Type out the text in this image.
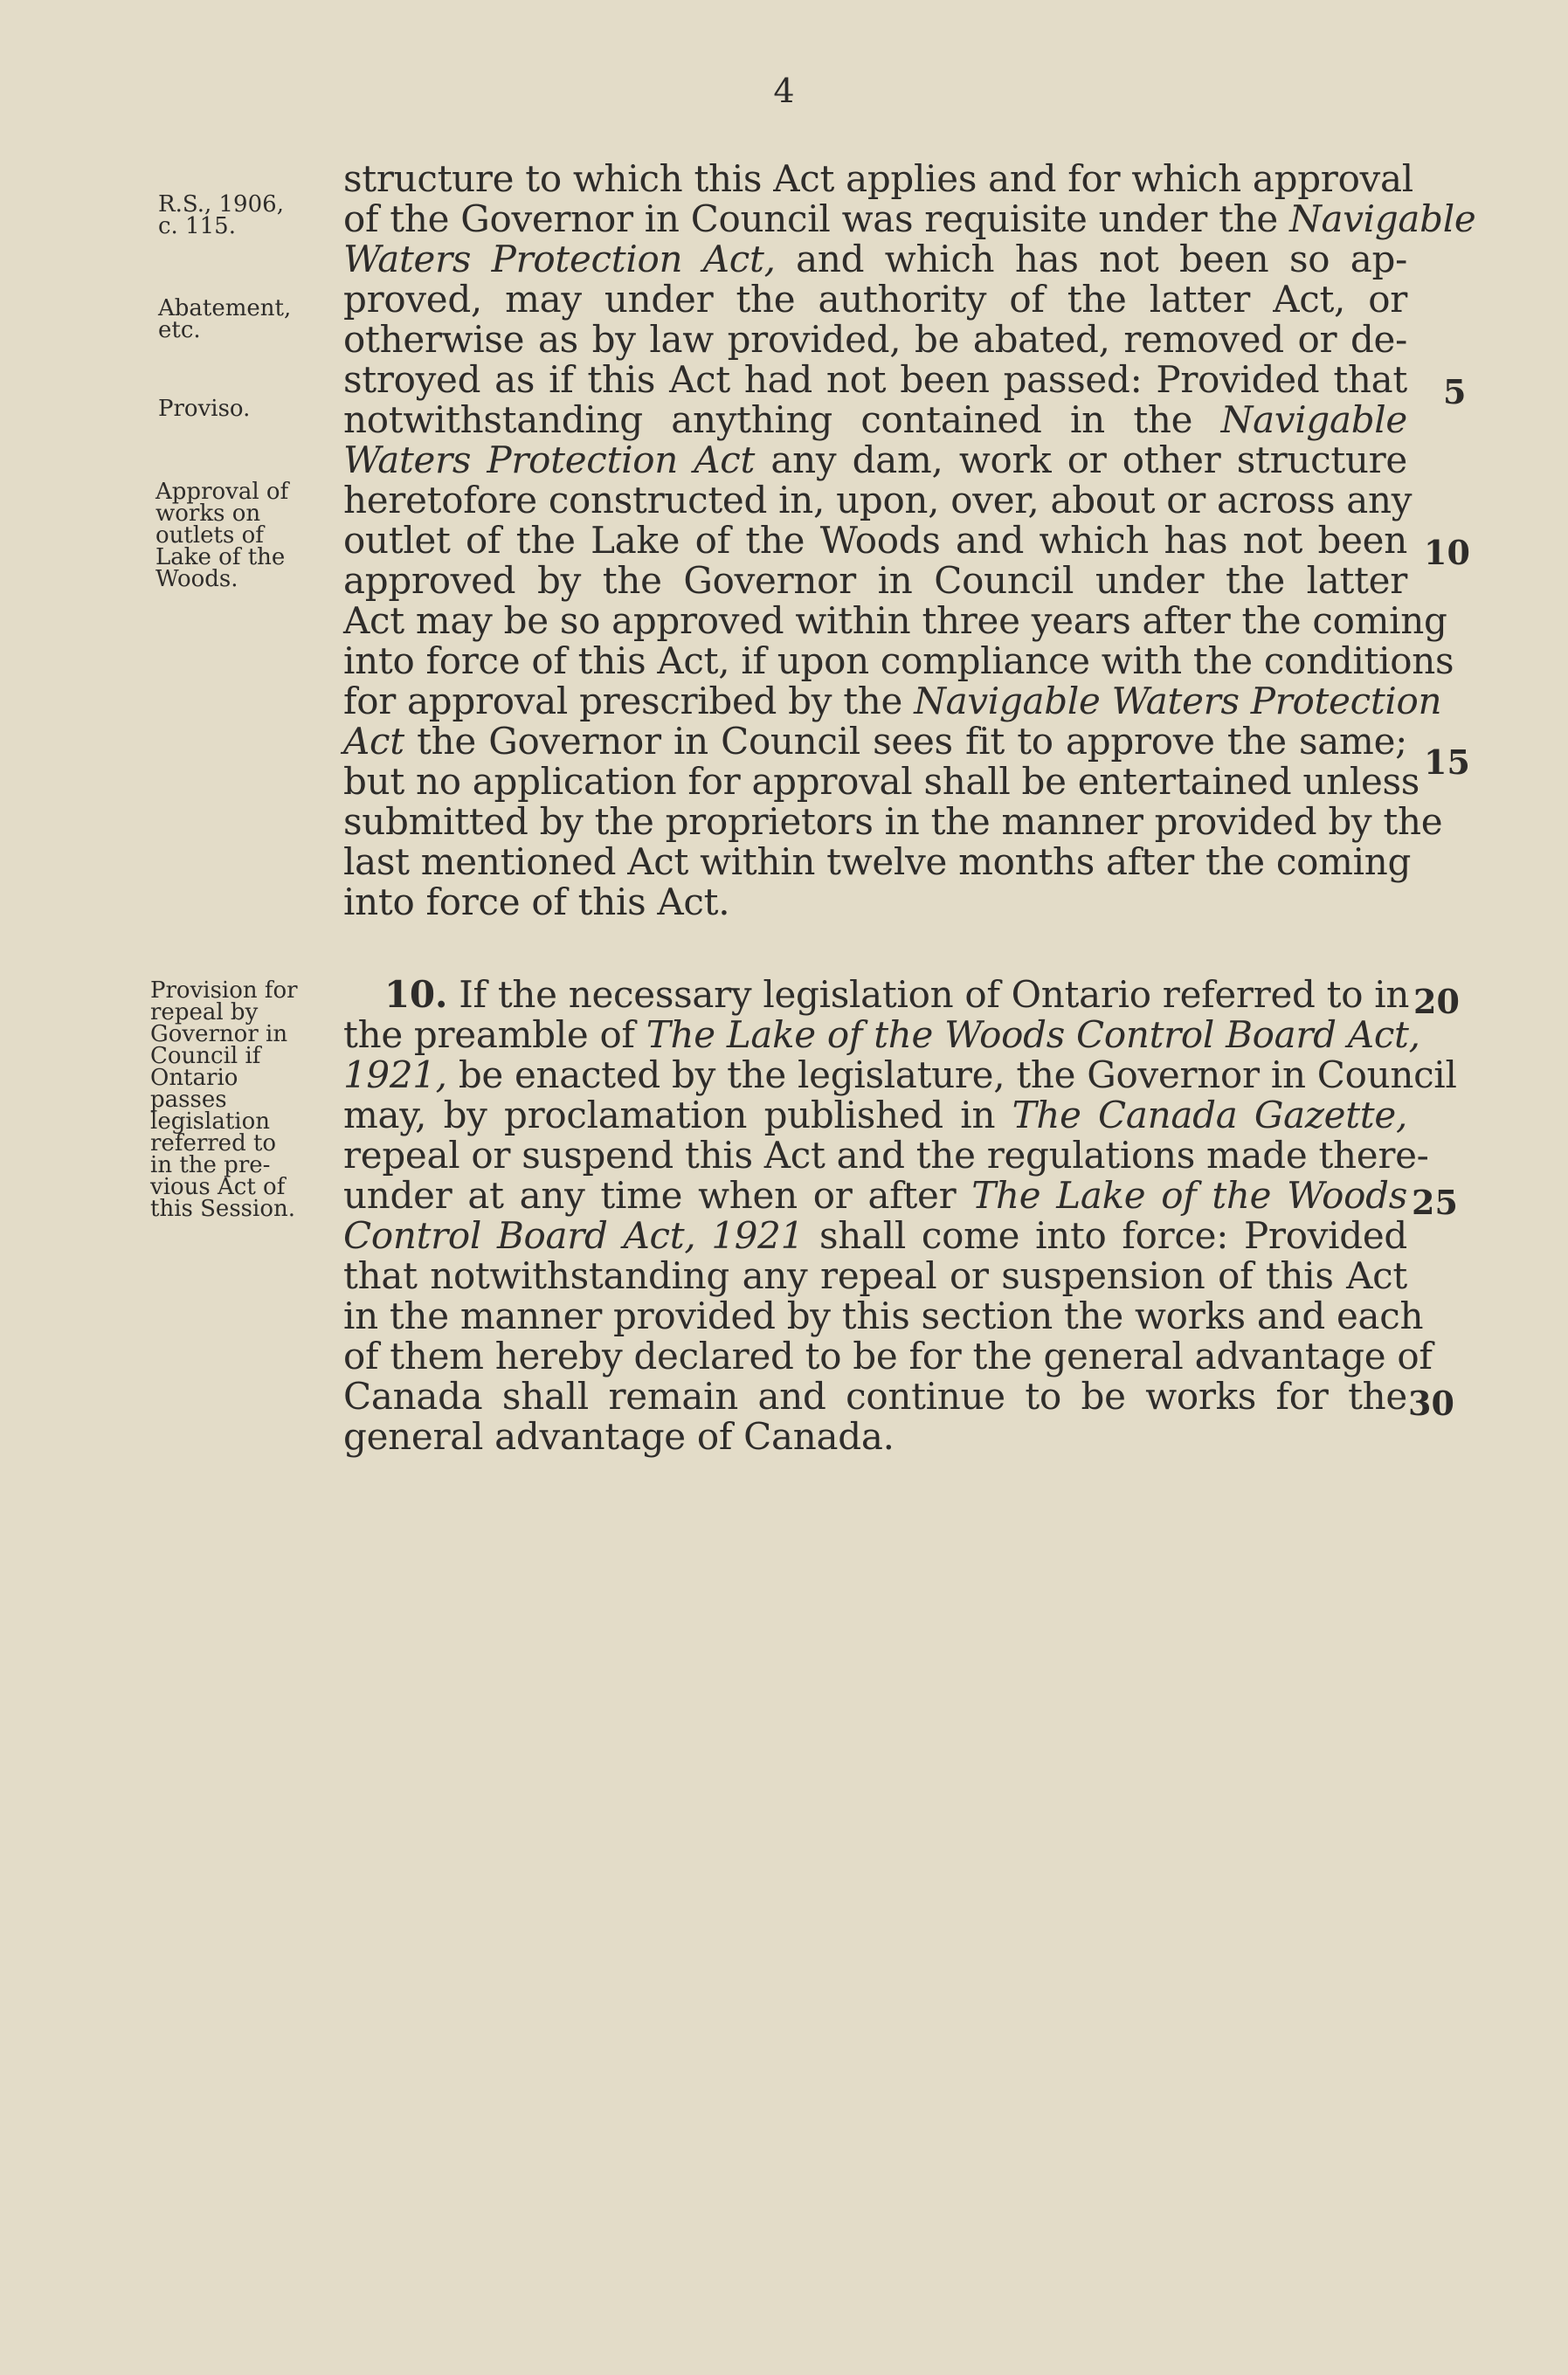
4
R.S., 1906,
c. 115.
Abatement,
etc.
Proviso.
Approval of
works on
outlets of
Lake of the
Woods.
Provision for
repeal by
Governor in
Council if
Ontario
passes
legislation
referred to
in the pre-
vious Act of
this Session.
structure to which this Act applies and for which approval
of the Governor in Council was requisite under the Navigable
Waters Protection Act, and which has not been so ap-
proved, may under the authority of the latter Act, or
otherwise as by law provided, be abated, removed or de-
stroyed as if this Act had not been passed: Provided that
notwithstanding anything contained in the Navigable
Waters Protection Act any dam, work or other structure
heretofore constructed in, upon, over, about or across any
outlet of the Lake of the Woods and which has not been
approved by the Governor in Council under the latter
Act may be so approved within three years after the coming
into force of this Act, if upon compliance with the conditions
for approval prescribed by the Navigable Waters Protection
Act the Governor in Council sees fit to approve the same;
but no application for approval shall be entertained unless
submitted by the proprietors in the manner provided by the
last mentioned Act within twelve months after the coming
into force of this Act.
10. If the necessary legislation of Ontario referred to in
the preamble of The Lake of the Woods Control Board Act,
1921, be enacted by the legislature, the Governor in Council
may, by proclamation published in The Canada Gazette,
repeal or suspend this Act and the regulations made there-
under at any time when or after The Lake of the Woods
Control Board Act, 1921 shall come into force: Provided
that notwithstanding any repeal or suspension of this Act
in the manner provided by this section the works and each
of them hereby declared to be for the general advantage of
Canada shall remain and continue to be works for the
general advantage of Canada.
5
10
15
20
25
30
